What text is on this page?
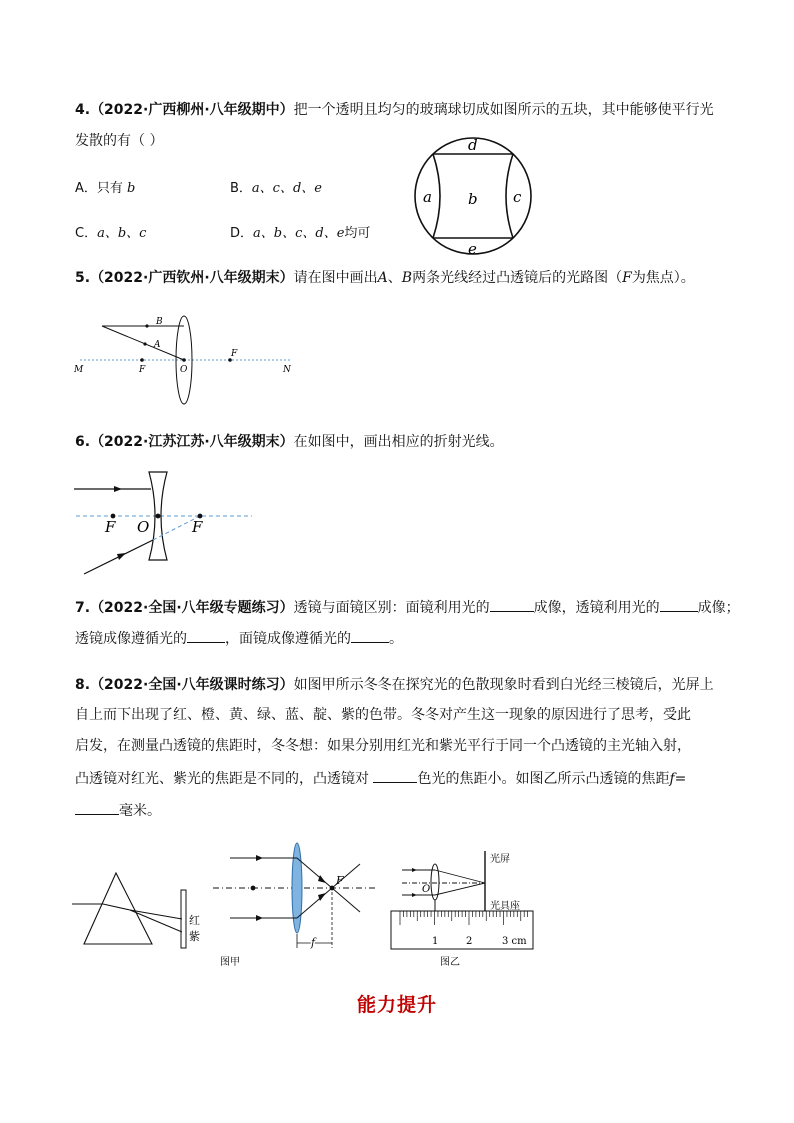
4.（2022·广西柳州·八年级期中）把一个透明且均匀的玻璃球切成如图所示的五块，其中能够使平行光
发散的有（ ）
A．只有 b	B．a、c、d、e
C．a、b、c	D．a、b、c、d、e均可
a b c
d
e
5.（2022·广西钦州·八年级期末）请在图中画出A、B两条光线经过凸透镜后的光路图（F为焦点）。
M	F	O
F
N
A
B
6.（2022·江苏江苏·八年级期末）在如图中，画出相应的折射光线。
F O	F
7.（2022·全国·八年级专题练习）透镜与面镜区别：面镜利用光的	成像，透镜利用光的	成像；
透镜成像遵循光的	，面镜成像遵循光的	。
8.（2022·全国·八年级课时练习）如图甲所示冬冬在探究光的色散现象时看到白光经三棱镜后，光屏上
自上而下出现了红、橙、黄、绿、蓝、靛、紫的色带。冬冬对产生这一现象的原因进行了思考，受此
启发，在测量凸透镜的焦距时，冬冬想：如果分别用红光和紫光平行于同一个凸透镜的主光轴入射，
凸透镜对红光、紫光的焦距是不同的，凸透镜对	色光的焦距小。如图乙所示凸透镜的焦距f=
毫米。
红
紫
F
f
图甲
光屏
O
光具座
1	2	3 cm
图乙
能力提升
